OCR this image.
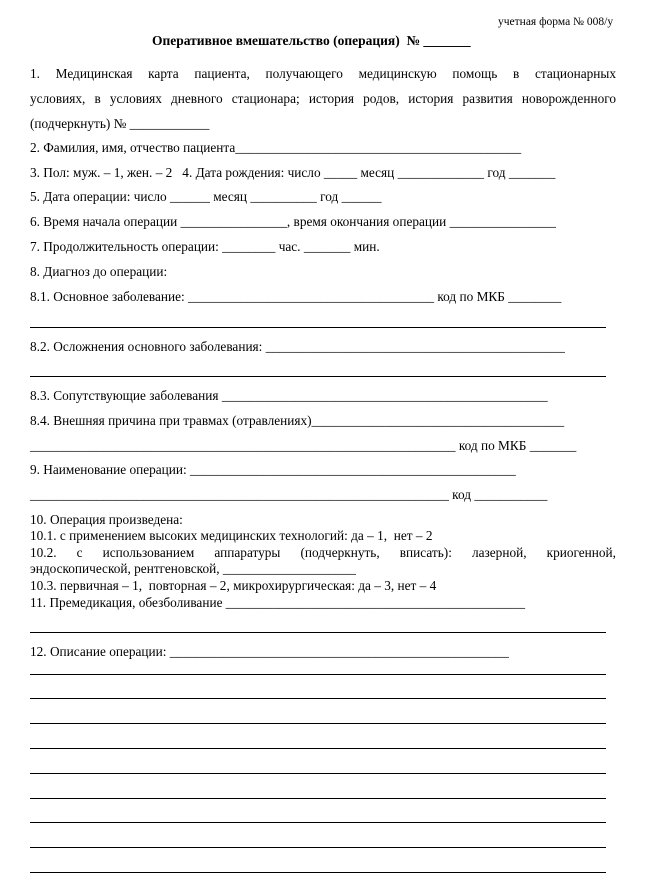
учетная форма № 008/у
Оперативное вмешательство (операция)  № _______
1. Медицинская карта пациента, получающего медицинскую помощь в стационарных
условиях, в условиях дневного стационара; история родов, история развития новорожденного
(подчеркнуть) № ____________
2. Фамилия, имя, отчество пациента___________________________________________
3. Пол: муж. – 1, жен. – 2   4. Дата рождения: число _____ месяц _____________ год _______
5. Дата операции: число ______ месяц __________ год ______
6. Время начала операции ________________, время окончания операции ________________
7. Продолжительность операции: ________ час. _______ мин.
8. Диагноз до операции:
8.1. Основное заболевание: _____________________________________ код по МКБ ________
8.2. Осложнения основного заболевания: _____________________________________________
8.3. Сопутствующие заболевания _________________________________________________
8.4. Внешняя причина при травмах (отравлениях)______________________________________
________________________________________________________________ код по МКБ _______
9. Наименование операции: _________________________________________________
_______________________________________________________________ код ___________
10. Операция произведена:
10.1. с применением высоких медицинских технологий: да – 1,  нет – 2
10.2. с использованием аппаратуры (подчеркнуть, вписать): лазерной, криогенной,
эндоскопической, рентгеновской, ____________________
10.3. первичная – 1,  повторная – 2, микрохирургическая: да – 3, нет – 4
11. Премедикация, обезболивание _____________________________________________
12. Описание операции: ___________________________________________________
